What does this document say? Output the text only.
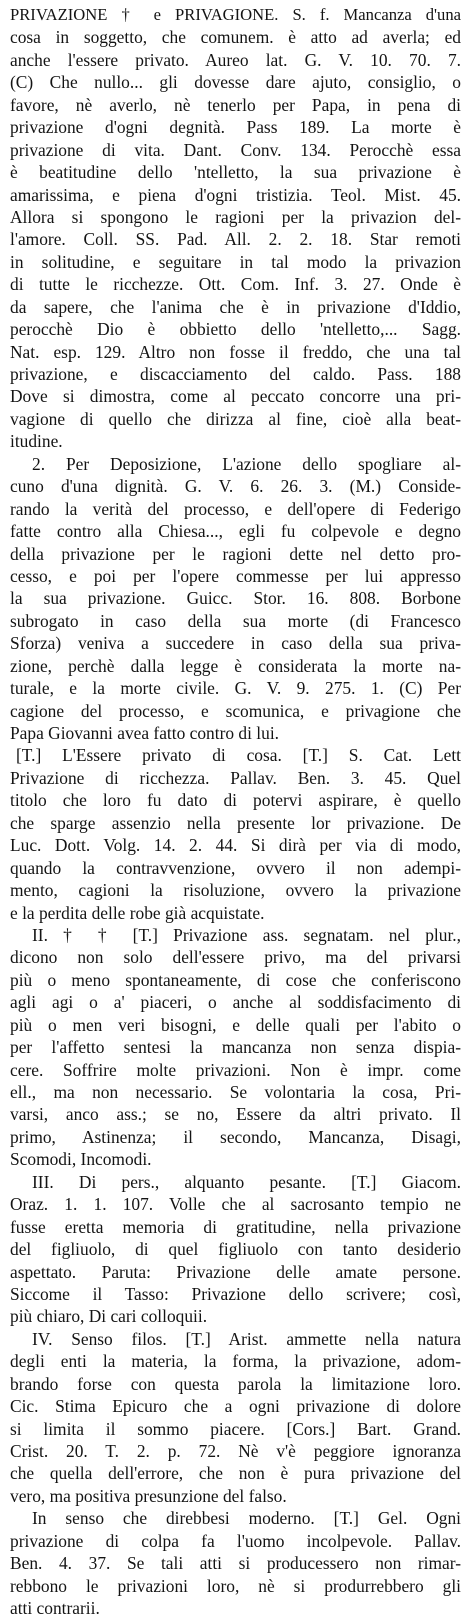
PRIVAZIONE † e PRIVAGIONE. S. f. Mancanza d'una
cosa in soggetto, che comunem. è atto ad averla; ed
anche l'essere privato. Aureo lat. G. V. 10. 70. 7.
(C) Che nullo... gli dovesse dare ajuto, consiglio, o
favore, nè averlo, nè tenerlo per Papa, in pena di
privazione d'ogni degnità. Pass 189. La morte è
privazione di vita. Dant. Conv. 134. Perocchè essa
è beatitudine dello 'ntelletto, la sua privazione è
amarissima, e piena d'ogni tristizia. Teol. Mist. 45.
Allora si spongono le ragioni per la privazion del-
l'amore. Coll. SS. Pad. All. 2. 2. 18. Star remoti
in solitudine, e seguitare in tal modo la privazion
di tutte le ricchezze. Ott. Com. Inf. 3. 27. Onde è
da sapere, che l'anima che è in privazione d'Iddio,
perocchè Dio è obbietto dello 'ntelletto,... Sagg.
Nat. esp. 129. Altro non fosse il freddo, che una tal
privazione, e discacciamento del caldo. Pass. 188
Dove si dimostra, come al peccato concorre una pri-
vagione di quello che dirizza al fine, cioè alla beat-
itudine.
2. Per Deposizione, L'azione dello spogliare al-
cuno d'una dignità. G. V. 6. 26. 3. (M.) Conside-
rando la verità del processo, e dell'opere di Federigo
fatte contro alla Chiesa..., egli fu colpevole e degno
della privazione per le ragioni dette nel detto pro-
cesso, e poi per l'opere commesse per lui appresso
la sua privazione. Guicc. Stor. 16. 808. Borbone
subrogato in caso della sua morte (di Francesco
Sforza) veniva a succedere in caso della sua priva-
zione, perchè dalla legge è considerata la morte na-
turale, e la morte civile. G. V. 9. 275. 1. (C) Per
cagione del processo, e scomunica, e privagione che
Papa Giovanni avea fatto contro di lui.
[T.] L'Essere privato di cosa. [T.] S. Cat. Lett
Privazione di ricchezza. Pallav. Ben. 3. 45. Quel
titolo che loro fu dato di potervi aspirare, è quello
che sparge assenzio nella presente lor privazione. De
Luc. Dott. Volg. 14. 2. 44. Si dirà per via di modo,
quando la contravvenzione, ovvero il non adempi-
mento, cagioni la risoluzione, ovvero la privazione
e la perdita delle robe già acquistate.
II. † † [T.] Privazione ass. segnatam. nel plur.,
dicono non solo dell'essere privo, ma del privarsi
più o meno spontaneamente, di cose che conferiscono
agli agi o a' piaceri, o anche al soddisfacimento di
più o men veri bisogni, e delle quali per l'abito o
per l'affetto sentesi la mancanza non senza dispia-
cere. Soffrire molte privazioni. Non è impr. come
ell., ma non necessario. Se volontaria la cosa, Pri-
varsi, anco ass.; se no, Essere da altri privato. Il
primo, Astinenza; il secondo, Mancanza, Disagi,
Scomodi, Incomodi.
III. Di pers., alquanto pesante. [T.] Giacom.
Oraz. 1. 1. 107. Volle che al sacrosanto tempio ne
fusse eretta memoria di gratitudine, nella privazione
del figliuolo, di quel figliuolo con tanto desiderio
aspettato. Paruta: Privazione delle amate persone.
Siccome il Tasso: Privazione dello scrivere; così,
più chiaro, Di cari colloquii.
IV. Senso filos. [T.] Arist. ammette nella natura
degli enti la materia, la forma, la privazione, adom-
brando forse con questa parola la limitazione loro.
Cic. Stima Epicuro che a ogni privazione di dolore
si limita il sommo piacere. [Cors.] Bart. Grand.
Crist. 20. T. 2. p. 72. Nè v'è peggiore ignoranza
che quella dell'errore, che non è pura privazione del
vero, ma positiva presunzione del falso.
In senso che direbbesi moderno. [T.] Gel. Ogni
privazione di colpa fa l'uomo incolpevole. Pallav.
Ben. 4. 37. Se tali atti si producessero non rimar-
rebbono le privazioni loro, nè si produrrebbero gli
atti contrarii.
